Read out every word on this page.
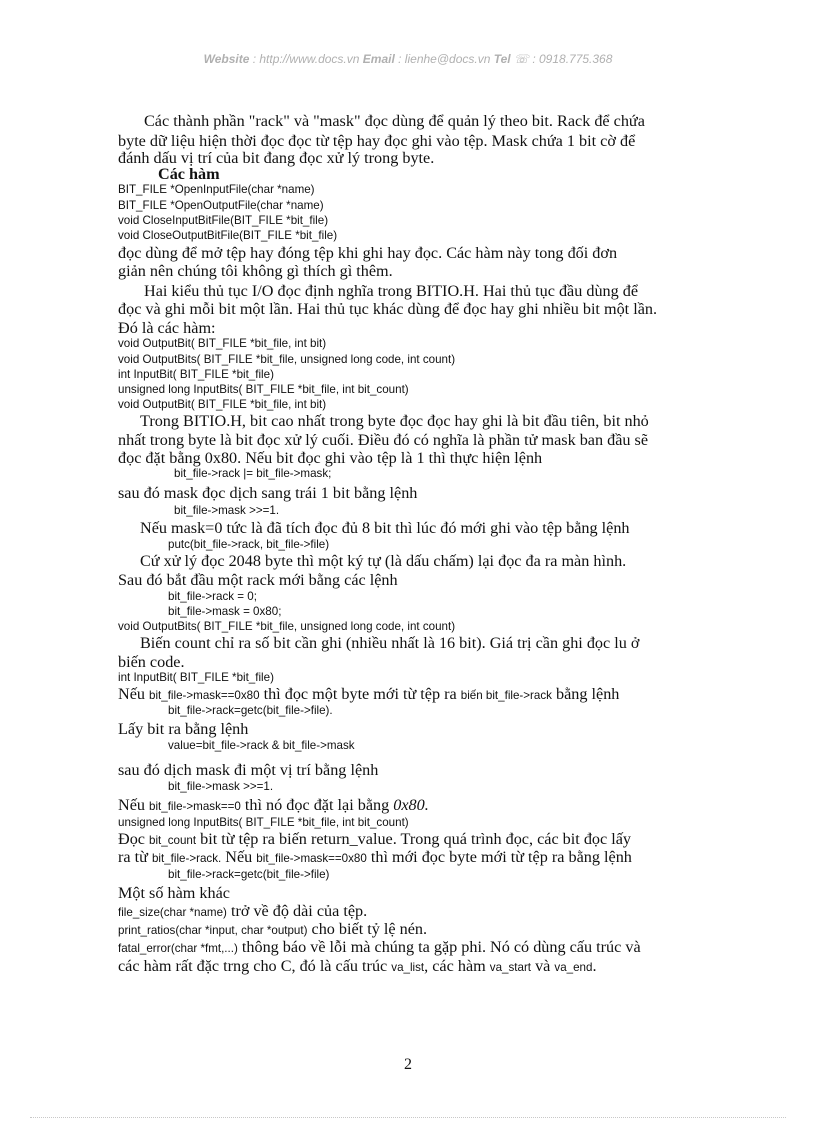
Website : http://www.docs.vn Email : lienhe@docs.vn Tel ☏ : 0918.775.368
Các thành phần "rack" và "mask" đọc dùng để quản lý theo bit. Rack để chứa
byte dữ liệu hiện thời đọc đọc từ tệp hay đọc ghi vào tệp. Mask chứa 1 bit cờ để
đánh dấu vị trí của bit đang đọc xử lý trong byte.
Các hàm
BIT_FILE *OpenInputFile(char *name)
BIT_FILE *OpenOutputFile(char *name)
void CloseInputBitFile(BIT_FILE *bit_file)
void CloseOutputBitFile(BIT_FILE *bit_file)
đọc dùng để mở tệp hay đóng tệp khi ghi hay đọc. Các hàm này tong đối đơn
giản nên chúng tôi không gì thích gì thêm.
Hai kiểu thủ tục I/O đọc định nghĩa trong BITIO.H. Hai thủ tục đầu dùng để
đọc và ghi mỗi bit một lần. Hai thủ tục khác dùng để đọc hay ghi nhiều bit một lần.
Đó là các hàm:
void OutputBit( BIT_FILE *bit_file, int bit)
void OutputBits( BIT_FILE *bit_file, unsigned long code, int count)
int InputBit( BIT_FILE *bit_file)
unsigned long InputBits( BIT_FILE *bit_file, int bit_count)
void OutputBit( BIT_FILE *bit_file, int bit)
Trong BITIO.H, bit cao nhất trong byte đọc đọc hay ghi là bit đầu tiên, bit nhỏ
nhất trong byte là bit đọc xử lý cuối. Điều đó có nghĩa là phần tử mask ban đầu sẽ
đọc đặt bằng 0x80. Nếu bit đọc ghi vào tệp là 1 thì thực hiện lệnh
bit_file->rack |= bit_file->mask;
sau đó mask đọc dịch sang trái 1 bit bằng lệnh
bit_file->mask >>=1.
Nếu mask=0 tức là đã tích đọc đủ 8 bit thì lúc đó mới ghi vào tệp bằng lệnh
putc(bit_file->rack, bit_file->file)
Cứ xử lý đọc 2048 byte thì một ký tự (là dấu chấm) lại đọc đa ra màn hình.
Sau đó bắt đầu một rack mới bằng các lệnh
bit_file->rack = 0;
bit_file->mask = 0x80;
void OutputBits( BIT_FILE *bit_file, unsigned long code, int count)
Biến count chỉ ra số bit cần ghi (nhiều nhất là 16 bit). Giá trị cần ghi đọc lu ở
biến code.
int InputBit( BIT_FILE *bit_file)
Nếu bit_file->mask==0x80 thì đọc một byte mới từ tệp ra biến bit_file->rack bằng lệnh
bit_file->rack=getc(bit_file->file).
Lấy bit ra bằng lệnh
value=bit_file->rack & bit_file->mask
sau đó dịch mask đi một vị trí bằng lệnh
bit_file->mask >>=1.
Nếu bit_file->mask==0 thì nó đọc đặt lại bằng 0x80.
unsigned long InputBits( BIT_FILE *bit_file, int bit_count)
Đọc bit_count bit từ tệp ra biến return_value. Trong quá trình đọc, các bit đọc lấy
ra từ bit_file->rack. Nếu bit_file->mask==0x80 thì mới đọc byte mới từ tệp ra bằng lệnh
bit_file->rack=getc(bit_file->file)
Một số hàm khác
file_size(char *name) trở về độ dài của tệp.
print_ratios(char *input, char *output) cho biết tỷ lệ nén.
fatal_error(char *fmt,...) thông báo về lỗi mà chúng ta gặp phi. Nó có dùng cấu trúc và
các hàm rất đặc trng cho C, đó là cấu trúc va_list, các hàm va_start và va_end.
2
